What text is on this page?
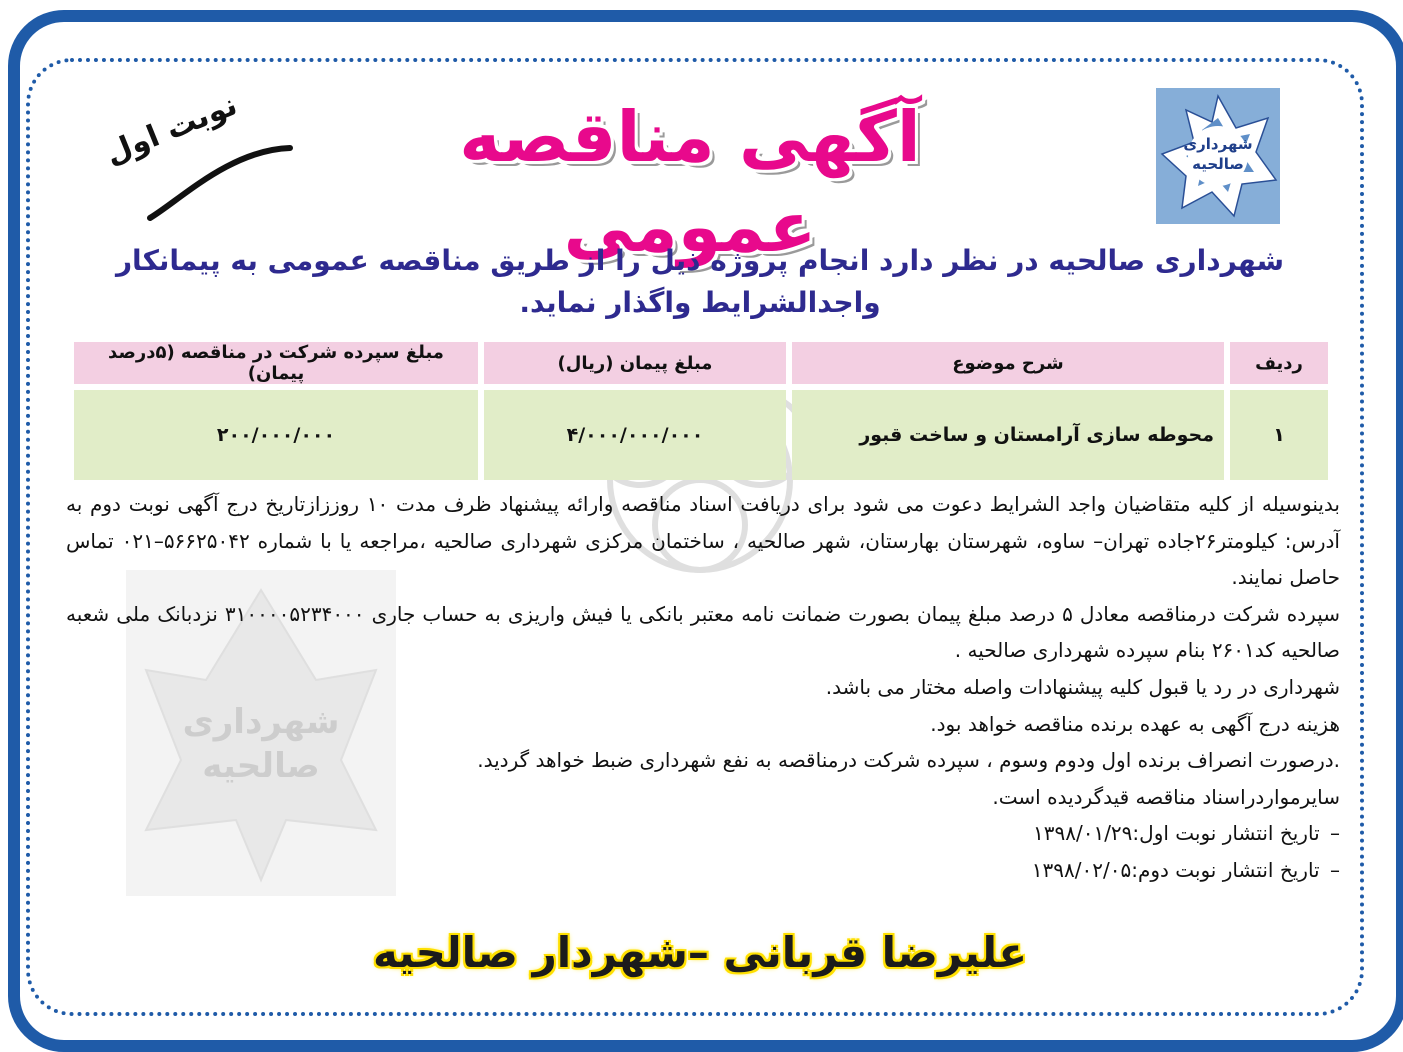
شهرداری صالحیه
شهرداری صالحیه
نوبت اول	آگهی مناقصه عمومی
شهرداری صالحیه در نظر دارد انجام پروژه ذیل را از طریق مناقصه عمومی به پیمانکار واجدالشرایط واگذار نماید.
ردیف	شرح موضوع	مبلغ پیمان (ریال)	مبلغ سپرده شرکت در مناقصه (۵درصد پیمان)
۱	محوطه سازی آرامستان و ساخت قبور	۴/۰۰۰/۰۰۰/۰۰۰	۲۰۰/۰۰۰/۰۰۰

بدینوسیله از کلیه متقاضیان واجد الشرایط دعوت می شود برای دریافت اسناد مناقصه وارائه پیشنهاد ظرف مدت ۱۰ روززازتاریخ درج آگهی نوبت دوم به آدرس: کیلومتر۲۶جاده تهران– ساوه، شهرستان بهارستان، شهر صالحیه ، ساختمان مرکزی شهرداری صالحیه ،مراجعه یا با شماره ۵۶۶۲۵۰۴۲–۰۲۱ تماس حاصل نمایند.

سپرده شرکت درمناقصه معادل ۵ درصد مبلغ پیمان بصورت ضمانت نامه معتبر بانکی یا فیش واریزی به حساب جاری ۳۱۰۰۰۰۵۲۳۴۰۰۰ نزدبانک ملی شعبه صالحیه کد۲۶۰۱ بنام سپرده شهرداری صالحیه .

شهرداری در رد یا قبول کلیه پیشنهادات واصله مختار می باشد.

هزینه درج آگهی به عهده برنده مناقصه خواهد بود.

.درصورت انصراف برنده اول ودوم وسوم ، سپرده شرکت درمناقصه به نفع شهرداری ضبط خواهد گردید.

سایرمواردراسناد مناقصه قیدگردیده است.

– تاریخ انتشار نوبت اول:۱۳۹۸/۰۱/۲۹

– تاریخ انتشار نوبت دوم:۱۳۹۸/۰۲/۰۵

علیرضا قربانی –شهردار صالحیه
